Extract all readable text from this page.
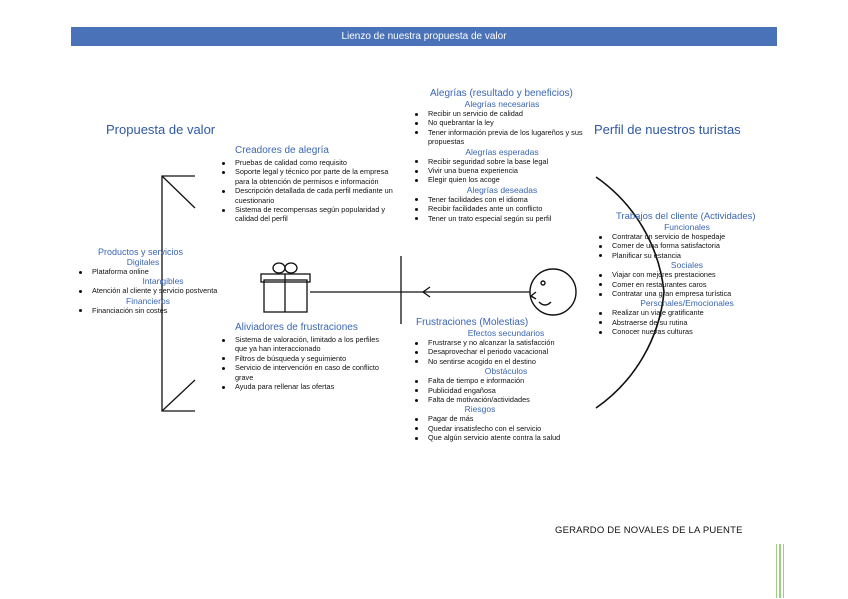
Lienzo de nuestra propuesta de valor
Propuesta de valor
Productos y servicios
Digitales
Plataforma online
Intangibles
Atención al cliente y servicio postventa
Financieros
Financiación sin costes
Creadores de alegría
Pruebas de calidad como requisito
Soporte legal y técnico por parte de la empresa para la obtención de permisos e información
Descripción detallada de cada perfil mediante un cuestionario
Sistema de recompensas según popularidad y calidad del perfil
Aliviadores de frustraciones
Sistema de valoración, limitado a los perfiles que ya han interaccionado
Filtros de búsqueda y seguimiento
Servicio de intervención en caso de conflicto grave
Ayuda para rellenar las ofertas
Alegrías (resultado y beneficios)
Alegrías necesarias
Recibir un servicio de calidad
No quebrantar la ley
Tener información previa de los lugareños y sus propuestas
Alegrías esperadas
Recibir seguridad sobre la base legal
Vivir una buena experiencia
Elegir quien los acoge
Alegrías deseadas
Tener facilidades con el idioma
Recibir facilidades ante un conflicto
Tener un trato especial según su perfil
Frustraciones (Molestias)
Efectos secundarios
Frustrarse y no alcanzar la satisfacción
Desaprovechar el periodo vacacional
No sentirse acogido en el destino
Obstáculos
Falta de tiempo e información
Publicidad engañosa
Falta de motivación/actividades
Riesgos
Pagar de más
Quedar insatisfecho con el servicio
Que algún servicio atente contra la salud
Perfil de nuestros turistas
Trabajos del cliente (Actividades)
Funcionales
Contratar un servicio de hospedaje
Comer de una forma satisfactoria
Planificar su estancia
Sociales
Viajar con mejores prestaciones
Comer en restaurantes caros
Contratar una gran empresa turística
Personales/Emocionales
Realizar un viaje gratificante
Abstraerse de su rutina
Conocer nuevas culturas
GERARDO DE NOVALES DE LA PUENTE
